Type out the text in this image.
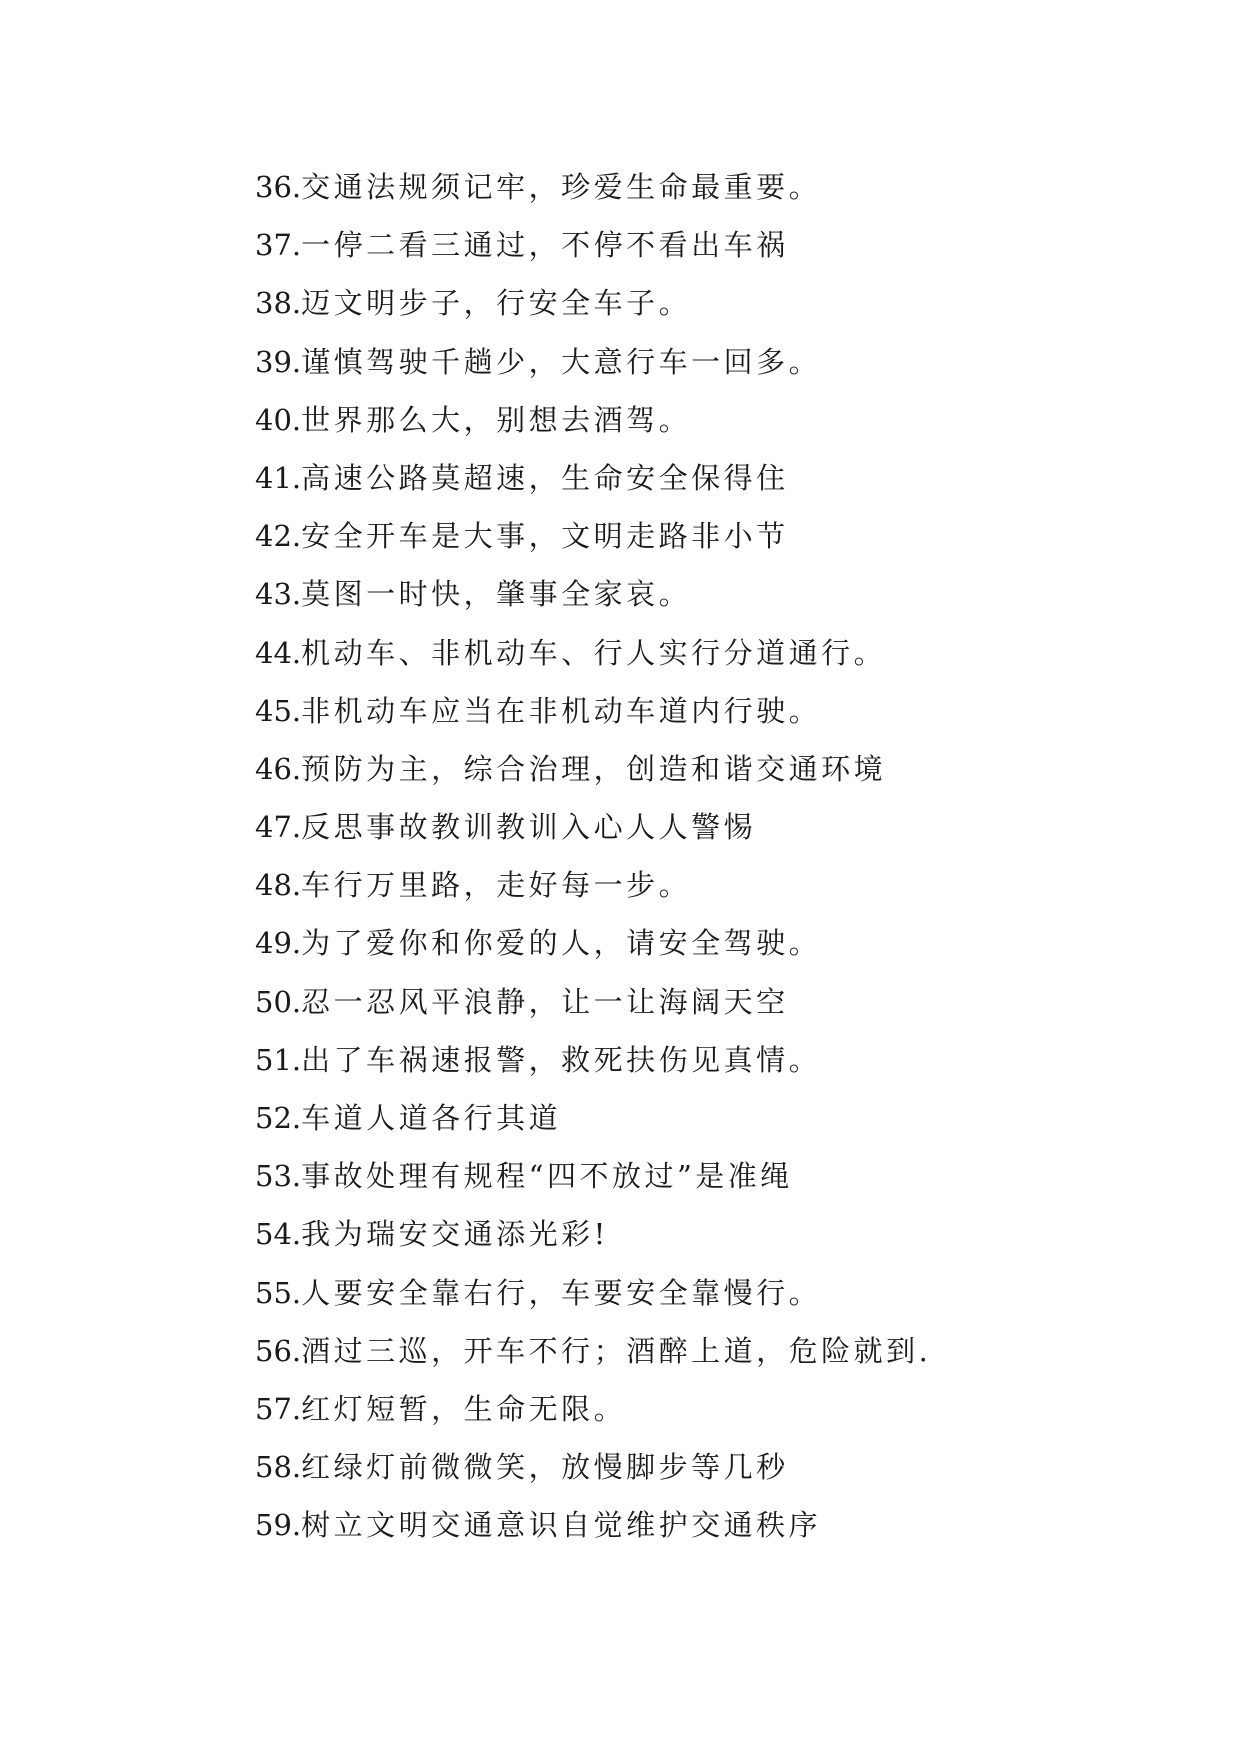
36.交通法规须记牢，珍爱生命最重要。
37.一停二看三通过，不停不看出车祸
38.迈文明步子，行安全车子。
39.谨慎驾驶千趟少，大意行车一回多。
40.世界那么大，别想去酒驾。
41.高速公路莫超速，生命安全保得住
42.安全开车是大事，文明走路非小节
43.莫图一时快，肇事全家哀。
44.机动车、非机动车、行人实行分道通行。
45.非机动车应当在非机动车道内行驶。
46.预防为主，综合治理，创造和谐交通环境
47.反思事故教训教训入心人人警惕
48.车行万里路，走好每一步。
49.为了爱你和你爱的人，请安全驾驶。
50.忍一忍风平浪静，让一让海阔天空
51.出了车祸速报警，救死扶伤见真情。
52.车道人道各行其道
53.事故处理有规程“四不放过”是准绳
54.我为瑞安交通添光彩!
55.人要安全靠右行，车要安全靠慢行。
56.酒过三巡，开车不行；酒醉上道，危险就到.
57.红灯短暂，生命无限。
58.红绿灯前微微笑，放慢脚步等几秒
59.树立文明交通意识自觉维护交通秩序
